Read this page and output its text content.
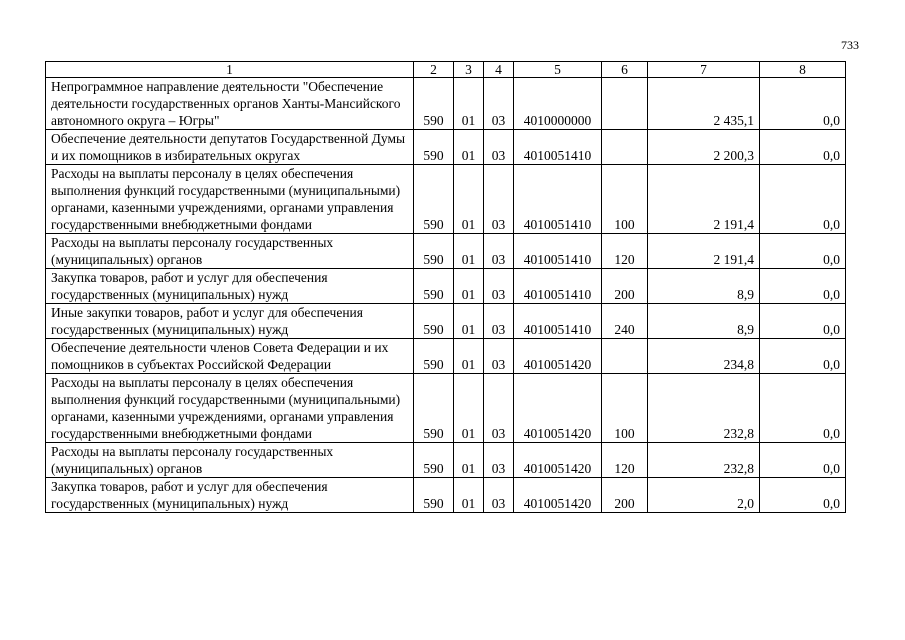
733
1	2	3	4	5	6	7	8
Непрограммное направление деятельности "Обеспечение деятельности государственных органов Ханты-Мансийского автономного округа – Югры"	590	01	03	4010000000		2 435,1	0,0
Обеспечение деятельности депутатов Государственной Думы и их помощников в избирательных округах	590	01	03	4010051410		2 200,3	0,0
Расходы на выплаты персоналу в целях обеспечения выполнения функций государственными (муниципальными) органами, казенными учреждениями, органами управления государственными внебюджетными фондами	590	01	03	4010051410	100	2 191,4	0,0
Расходы на выплаты персоналу государственных (муниципальных) органов	590	01	03	4010051410	120	2 191,4	0,0
Закупка товаров, работ и услуг для обеспечения государственных (муниципальных) нужд	590	01	03	4010051410	200	8,9	0,0
Иные закупки товаров, работ и услуг для обеспечения государственных (муниципальных) нужд	590	01	03	4010051410	240	8,9	0,0
Обеспечение деятельности членов Совета Федерации и их помощников в субъектах Российской Федерации	590	01	03	4010051420		234,8	0,0
Расходы на выплаты персоналу в целях обеспечения выполнения функций государственными (муниципальными) органами, казенными учреждениями, органами управления государственными внебюджетными фондами	590	01	03	4010051420	100	232,8	0,0
Расходы на выплаты персоналу государственных (муниципальных) органов	590	01	03	4010051420	120	232,8	0,0
Закупка товаров, работ и услуг для обеспечения государственных (муниципальных) нужд	590	01	03	4010051420	200	2,0	0,0
